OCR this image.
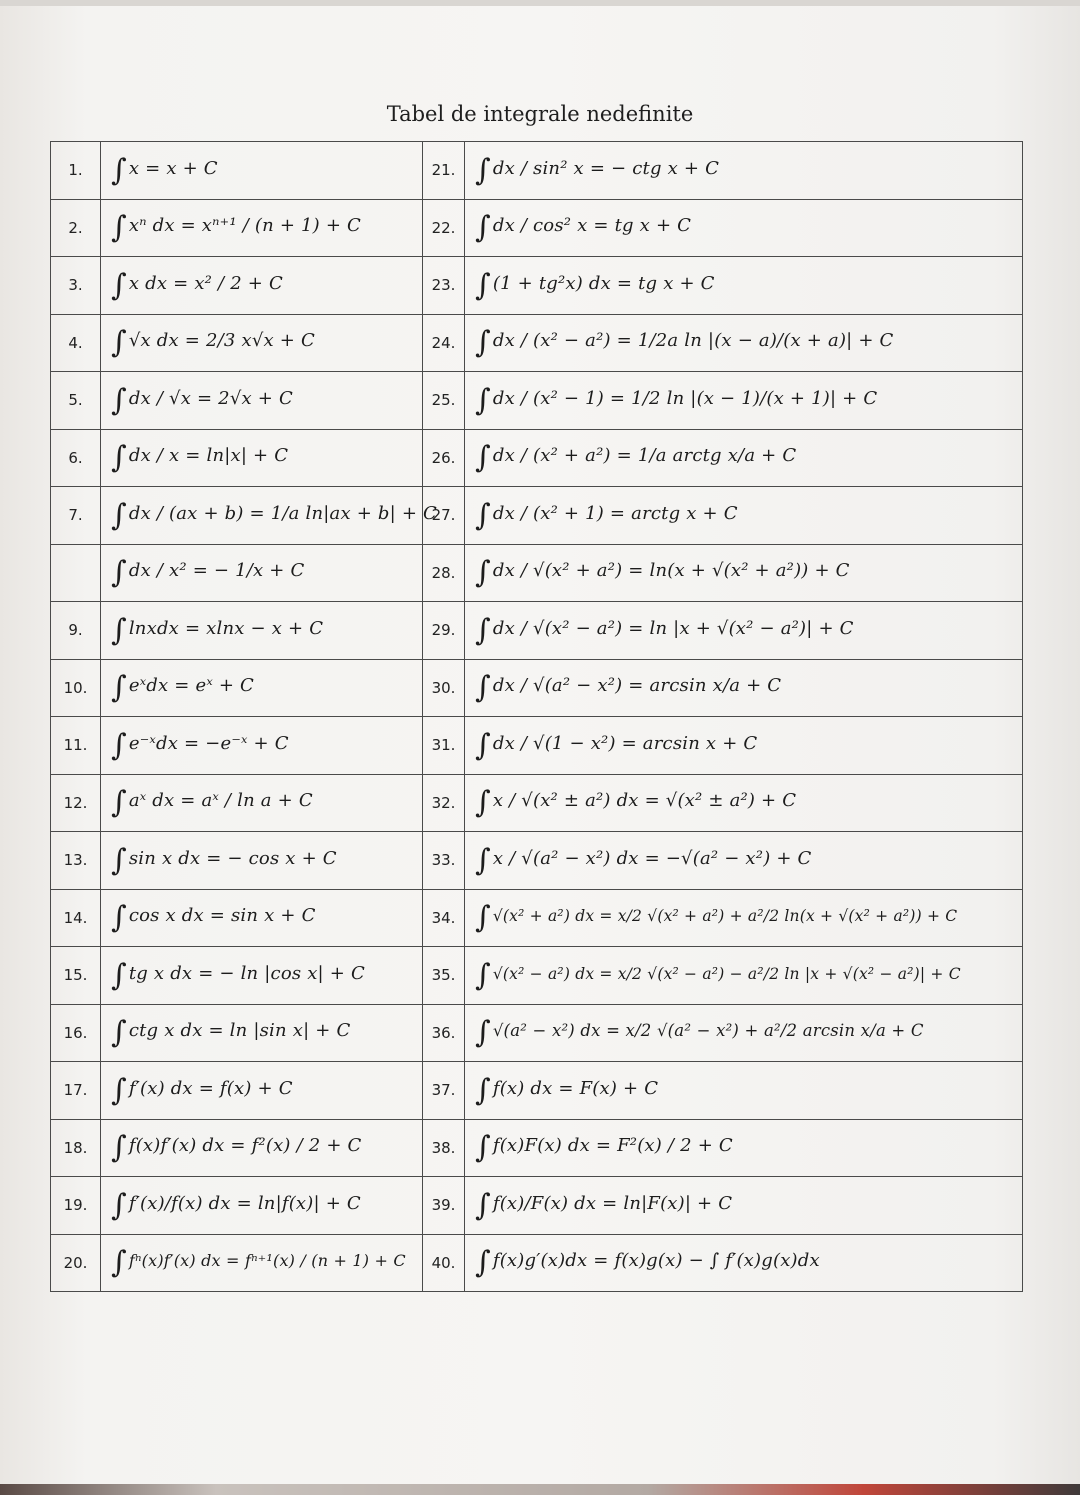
Tabel de integrale nedefinite
1.	∫ x = x + C	21.	∫ dx / sin² x = − ctg x + C
2.	∫ xⁿ dx = xⁿ⁺¹ / (n + 1) + C	22.	∫ dx / cos² x = tg x + C
3.	∫ x dx = x² / 2 + C	23.	∫ (1 + tg²x) dx = tg x + C
4.	∫ √x dx = 2/3 x√x + C	24.	∫ dx / (x² − a²) = 1/2a ln |(x − a)/(x + a)| + C
5.	∫ dx / √x = 2√x + C	25.	∫ dx / (x² − 1) = 1/2 ln |(x − 1)/(x + 1)| + C
6.	∫ dx / x = ln|x| + C	26.	∫ dx / (x² + a²) = 1/a arctg x/a + C
7.	∫ dx / (ax + b) = 1/a ln|ax + b| + C	27.	∫ dx / (x² + 1) = arctg x + C
	∫ dx / x² = − 1/x + C	28.	∫ dx / √(x² + a²) = ln(x + √(x² + a²)) + C
9.	∫ lnxdx = xlnx − x + C	29.	∫ dx / √(x² − a²) = ln |x + √(x² − a²)| + C
10.	∫ eˣdx = eˣ + C	30.	∫ dx / √(a² − x²) = arcsin x/a + C
11.	∫ e⁻ˣdx = −e⁻ˣ + C	31.	∫ dx / √(1 − x²) = arcsin x + C
12.	∫ aˣ dx = aˣ / ln a + C	32.	∫ x / √(x² ± a²) dx = √(x² ± a²) + C
13.	∫ sin x dx = − cos x + C	33.	∫ x / √(a² − x²) dx = −√(a² − x²) + C
14.	∫ cos x dx = sin x + C	34.	∫ √(x² + a²) dx = x/2 √(x² + a²) + a²/2 ln(x + √(x² + a²)) + C
15.	∫ tg x dx = − ln |cos x| + C	35.	∫ √(x² − a²) dx = x/2 √(x² − a²) − a²/2 ln |x + √(x² − a²)| + C
16.	∫ ctg x dx = ln |sin x| + C	36.	∫ √(a² − x²) dx = x/2 √(a² − x²) + a²/2 arcsin x/a + C
17.	∫ f′(x) dx = f(x) + C	37.	∫ f(x) dx = F(x) + C
18.	∫ f(x)f′(x) dx = f²(x) / 2 + C	38.	∫ f(x)F(x) dx = F²(x) / 2 + C
19.	∫ f′(x)/f(x) dx = ln|f(x)| + C	39.	∫ f(x)/F(x) dx = ln|F(x)| + C
20.	∫ fⁿ(x)f′(x) dx = fⁿ⁺¹(x) / (n + 1) + C	40.	∫ f(x)g′(x)dx = f(x)g(x) − ∫ f′(x)g(x)dx
